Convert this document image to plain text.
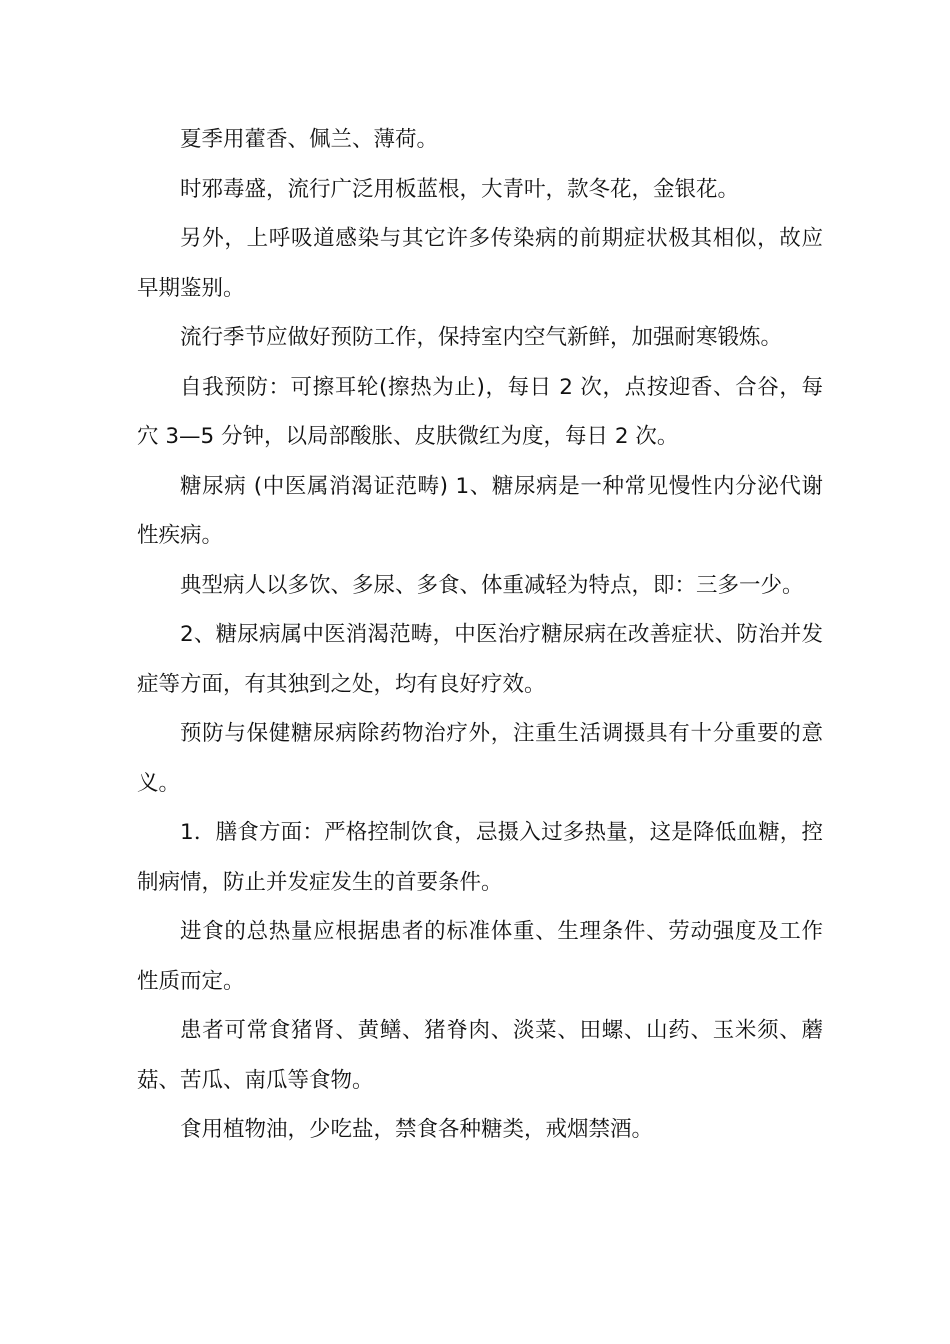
夏季用藿香、佩兰、薄荷。

时邪毒盛，流行广泛用板蓝根，大青叶，款冬花，金银花。

另外，上呼吸道感染与其它许多传染病的前期症状极其相似，故应早期鉴别。

流行季节应做好预防工作，保持室内空气新鲜，加强耐寒锻炼。

自我预防：可擦耳轮(擦热为止)，每日 2 次，点按迎香、合谷，每穴 3—5 分钟，以局部酸胀、皮肤微红为度，每日 2 次。

糖尿病 (中医属消渴证范畴) 1、糖尿病是一种常见慢性内分泌代谢性疾病。

典型病人以多饮、多尿、多食、体重减轻为特点，即：三多一少。

2、糖尿病属中医消渴范畴，中医治疗糖尿病在改善症状、防治并发症等方面，有其独到之处，均有良好疗效。

预防与保健糖尿病除药物治疗外，注重生活调摄具有十分重要的意义。

1．膳食方面：严格控制饮食，忌摄入过多热量，这是降低血糖，控制病情，防止并发症发生的首要条件。

进食的总热量应根据患者的标准体重、生理条件、劳动强度及工作性质而定。

患者可常食猪肾、黄鳝、猪脊肉、淡菜、田螺、山药、玉米须、蘑菇、苦瓜、南瓜等食物。

食用植物油，少吃盐，禁食各种糖类，戒烟禁酒。
